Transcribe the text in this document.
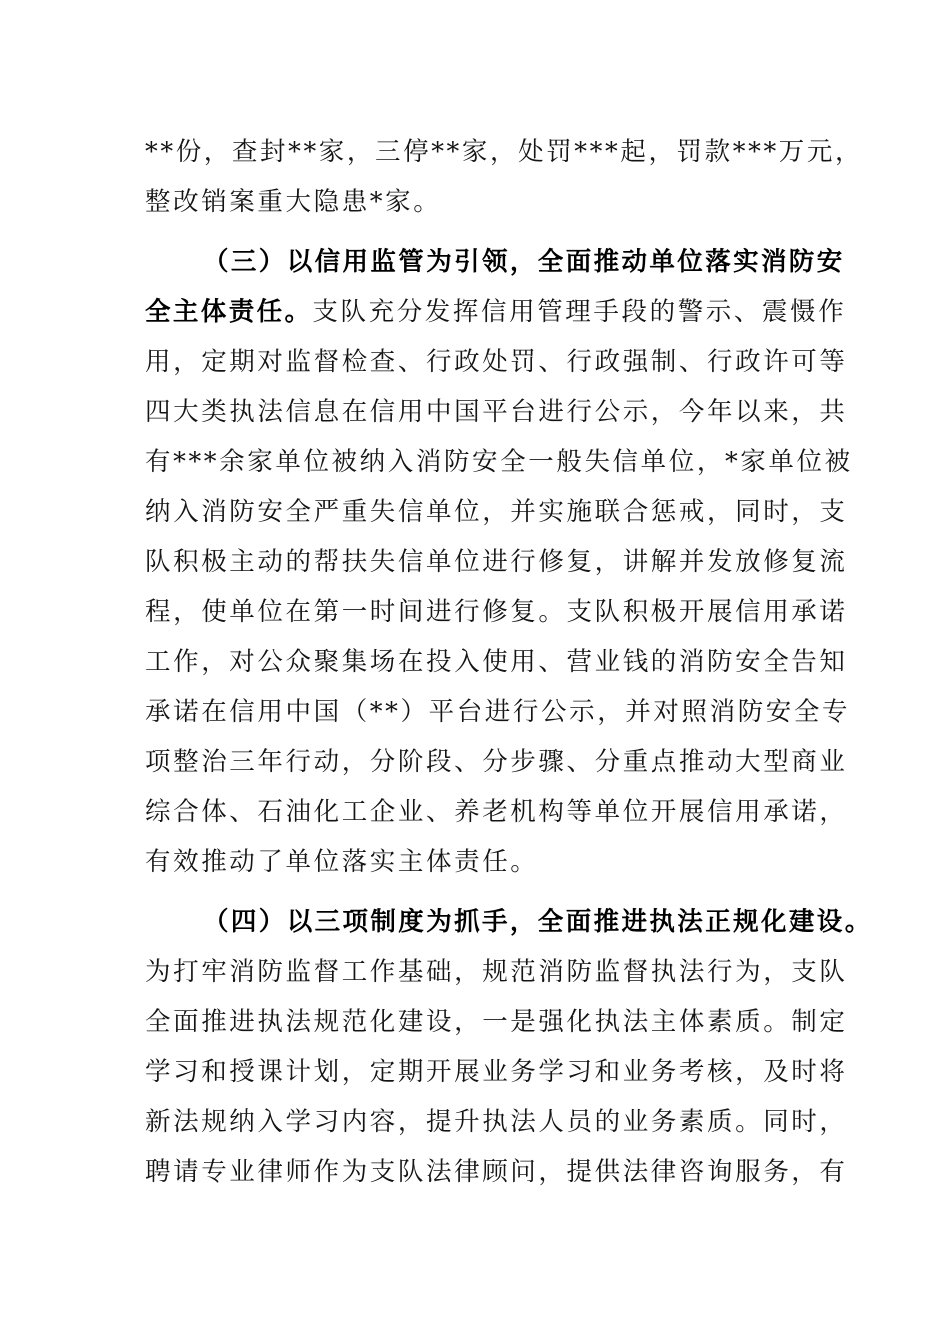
**份，查封**家，三停**家，处罚***起，罚款***万元，
整改销案重大隐患*家。
（三）以信用监管为引领，全面推动单位落实消防安
全主体责任。支队充分发挥信用管理手段的警示、震慑作
用，定期对监督检查、行政处罚、行政强制、行政许可等
四大类执法信息在信用中国平台进行公示，今年以来，共
有***余家单位被纳入消防安全一般失信单位，*家单位被
纳入消防安全严重失信单位，并实施联合惩戒，同时，支
队积极主动的帮扶失信单位进行修复，讲解并发放修复流
程，使单位在第一时间进行修复。支队积极开展信用承诺
工作，对公众聚集场在投入使用、营业钱的消防安全告知
承诺在信用中国（**）平台进行公示，并对照消防安全专
项整治三年行动，分阶段、分步骤、分重点推动大型商业
综合体、石油化工企业、养老机构等单位开展信用承诺，
有效推动了单位落实主体责任。
（四）以三项制度为抓手，全面推进执法正规化建设。
为打牢消防监督工作基础，规范消防监督执法行为，支队
全面推进执法规范化建设，一是强化执法主体素质。制定
学习和授课计划，定期开展业务学习和业务考核，及时将
新法规纳入学习内容，提升执法人员的业务素质。同时，
聘请专业律师作为支队法律顾问，提供法律咨询服务，有
